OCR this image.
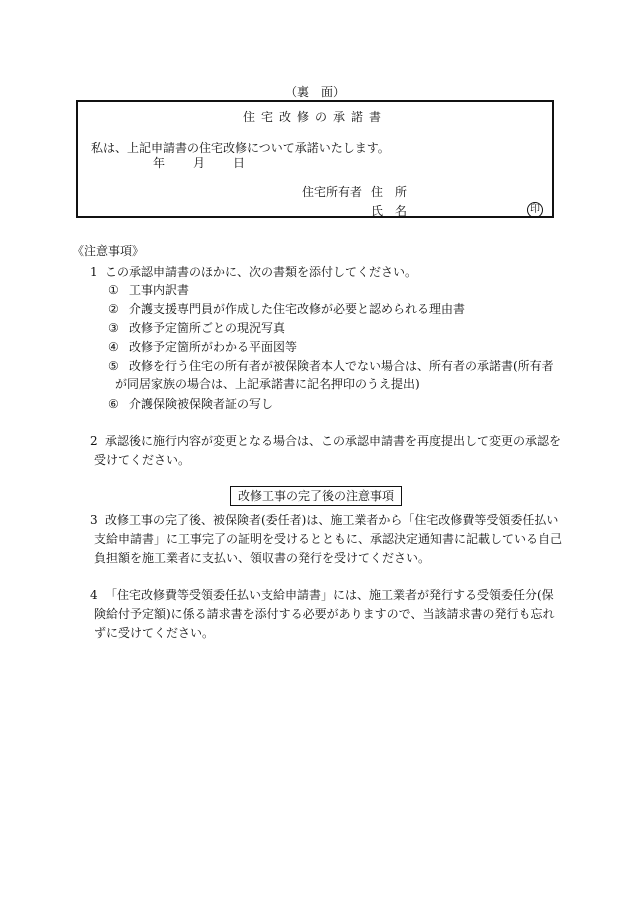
（裏　面）
住宅改修の承諾書
私は、上記申請書の住宅改修について承諾いたします。
年 月 日
住宅所有者 住　所
氏　名	印
《注意事項》
1 この承認申請書のほかに、次の書類を添付してください。
① 工事内訳書
② 介護支援専門員が作成した住宅改修が必要と認められる理由書
③ 改修予定箇所ごとの現況写真
④ 改修予定箇所がわかる平面図等
⑤ 改修を行う住宅の所有者が被保険者本人でない場合は、所有者の承諾書(所有者
が同居家族の場合は、上記承諾書に記名押印のうえ提出)
⑥ 介護保険被保険者証の写し
2 承認後に施行内容が変更となる場合は、この承認申請書を再度提出して変更の承認を
受けてください。
改修工事の完了後の注意事項
3 改修工事の完了後、被保険者(委任者)は、施工業者から「住宅改修費等受領委任払い
支給申請書」に工事完了の証明を受けるとともに、承認決定通知書に記載している自己
負担額を施工業者に支払い、領収書の発行を受けてください。
4 「住宅改修費等受領委任払い支給申請書」には、施工業者が発行する受領委任分(保
険給付予定額)に係る請求書を添付する必要がありますので、当該請求書の発行も忘れ
ずに受けてください。
